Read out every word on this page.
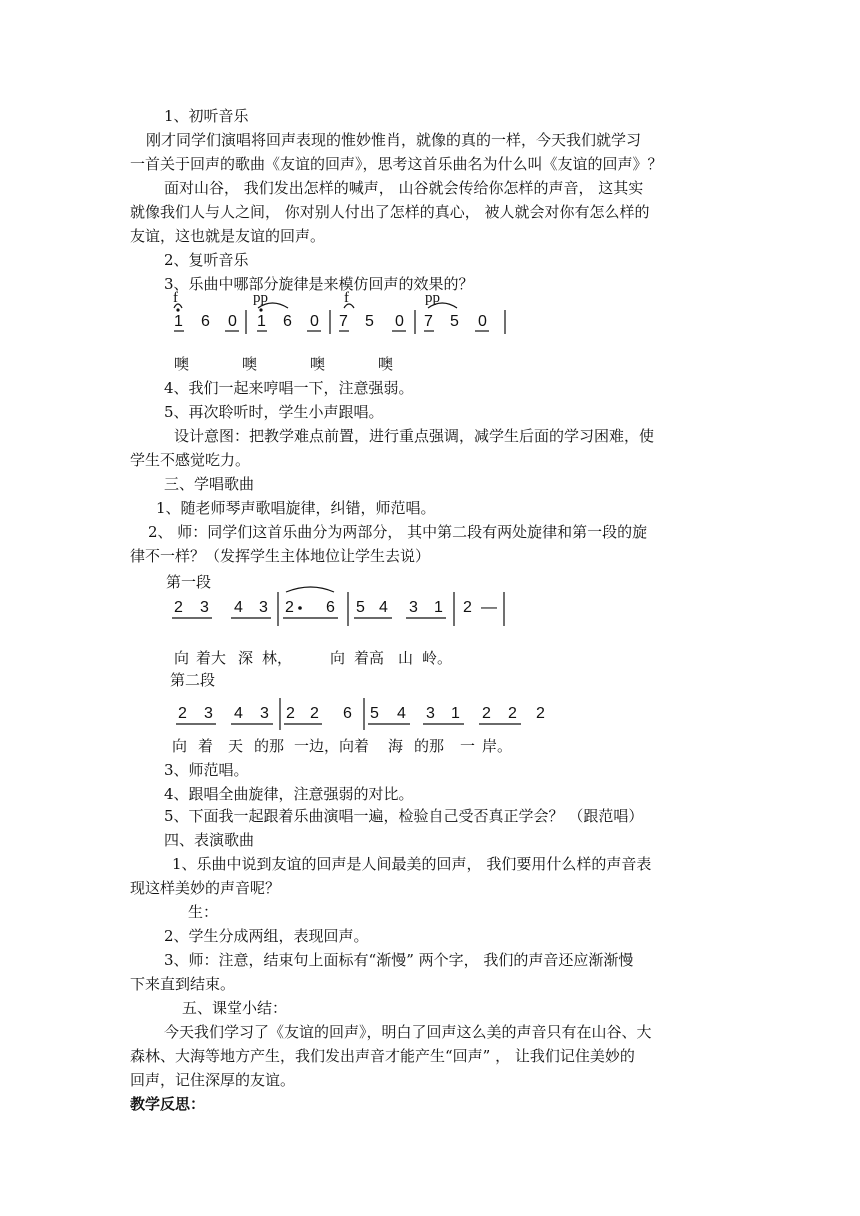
1、初听音乐
刚才同学们演唱将回声表现的惟妙惟肖，就像的真的一样，今天我们就学习
一首关于回声的歌曲《友谊的回声》，思考这首乐曲名为什么叫《友谊的回声》？
面对山谷， 我们发出怎样的喊声， 山谷就会传给你怎样的声音， 这其实
就像我们人与人之间， 你对别人付出了怎样的真心， 被人就会对你有怎么样的
友谊，这也就是友谊的回声。
2、复听音乐
3、乐曲中哪部分旋律是来模仿回声的效果的？
f	pp	f	pp
1 6 0 1 6 0 7 5 0 7 5 0
噢	噢	噢	噢
4、我们一起来哼唱一下，注意强弱。
5、再次聆听时，学生小声跟唱。
设计意图：把教学难点前置，进行重点强调，减学生后面的学习困难，使
学生不感觉吃力。
三、学唱歌曲
1、随老师琴声歌唱旋律，纠错，师范唱。
2、 师：同学们这首乐曲分为两部分， 其中第二段有两处旋律和第一段的旋
律不一样？（发挥学生主体地位让学生去说）
第一段
2 3 4 3 2 6 5 4 3 1 2 —
向 着大 深 林，	向 着高 山 岭。
第二段
2 3 4 3 2 2 6 5 4 3 1 2 2 2
向 着 天 的那 一边，向着 海 的那 一 岸。
3、师范唱。
4、跟唱全曲旋律，注意强弱的对比。
5、下面我一起跟着乐曲演唱一遍，检验自己受否真正学会？ （跟范唱）
四、表演歌曲
1、乐曲中说到友谊的回声是人间最美的回声， 我们要用什么样的声音表
现这样美妙的声音呢？
生：
2、学生分成两组，表现回声。
3、师：注意，结束句上面标有“渐慢” 两个字， 我们的声音还应渐渐慢
下来直到结束。
五、课堂小结：
今天我们学习了《友谊的回声》，明白了回声这么美的声音只有在山谷、大
森林、大海等地方产生，我们发出声音才能产生“回声” ， 让我们记住美妙的
回声，记住深厚的友谊。
教学反思：
